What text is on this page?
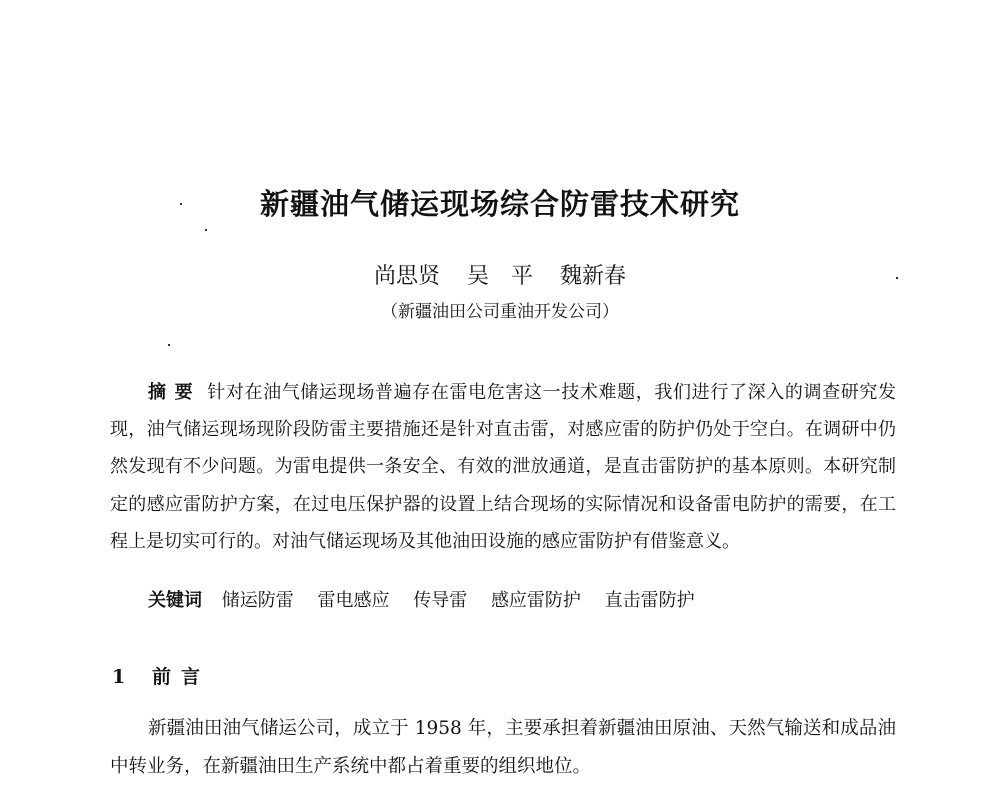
新疆油气储运现场综合防雷技术研究
尚思贤 吴　平 魏新春
（新疆油田公司重油开发公司）
摘要 针对在油气储运现场普遍存在雷电危害这一技术难题，我们进行了深入的调查研究发现，油气储运现场现阶段防雷主要措施还是针对直击雷，对感应雷的防护仍处于空白。在调研中仍然发现有不少问题。为雷电提供一条安全、有效的泄放通道，是直击雷防护的基本原则。本研究制定的感应雷防护方案，在过电压保护器的设置上结合现场的实际情况和设备雷电防护的需要，在工程上是切实可行的。对油气储运现场及其他油田设施的感应雷防护有借鉴意义。
关键词 储运防雷 雷电感应 传导雷 感应雷防护 直击雷防护
1 前言
新疆油田油气储运公司，成立于 1958 年，主要承担着新疆油田原油、天然气输送和成品油中转业务，在新疆油田生产系统中都占着重要的组织地位。
